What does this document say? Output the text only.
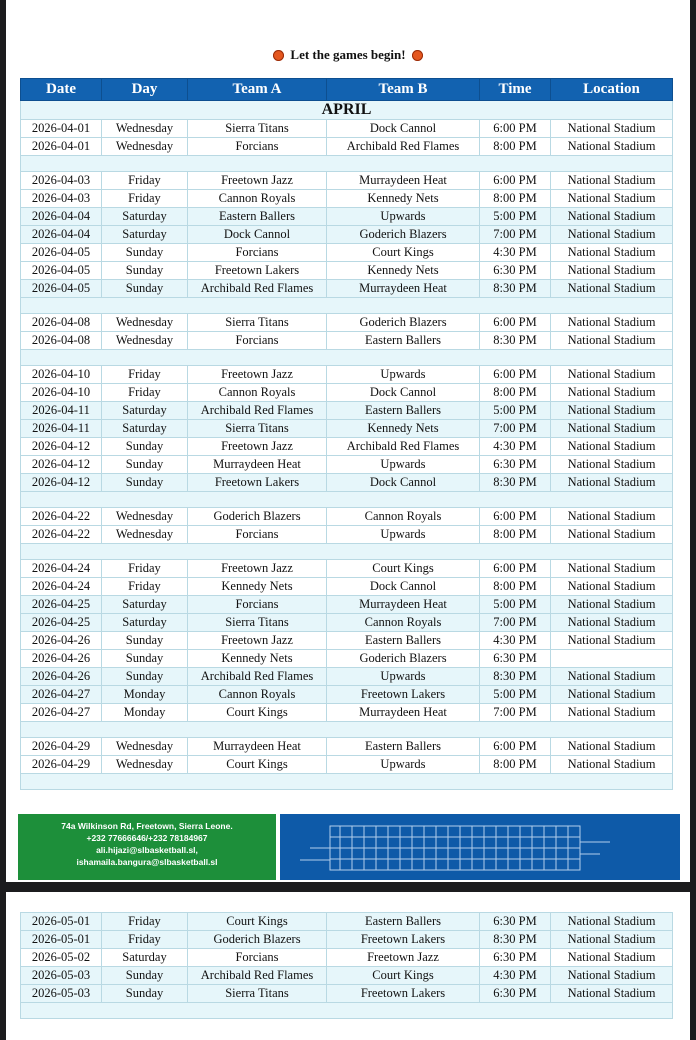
Let the games begin!
Date	Day	Team A	Team B	Time	Location
APRIL					
2026-04-01	Wednesday	Sierra Titans	Dock Cannol	6:00 PM	National Stadium
2026-04-01	Wednesday	Forcians	Archibald Red Flames	8:00 PM	National Stadium

2026-04-03	Friday	Freetown Jazz	Murraydeen Heat	6:00 PM	National Stadium
2026-04-03	Friday	Cannon Royals	Kennedy Nets	8:00 PM	National Stadium
2026-04-04	Saturday	Eastern Ballers	Upwards	5:00 PM	National Stadium
2026-04-04	Saturday	Dock Cannol	Goderich Blazers	7:00 PM	National Stadium
2026-04-05	Sunday	Forcians	Court Kings	4:30 PM	National Stadium
2026-04-05	Sunday	Freetown Lakers	Kennedy Nets	6:30 PM	National Stadium
2026-04-05	Sunday	Archibald Red Flames	Murraydeen Heat	8:30 PM	National Stadium

2026-04-08	Wednesday	Sierra Titans	Goderich Blazers	6:00 PM	National Stadium
2026-04-08	Wednesday	Forcians	Eastern Ballers	8:30 PM	National Stadium

2026-04-10	Friday	Freetown Jazz	Upwards	6:00 PM	National Stadium
2026-04-10	Friday	Cannon Royals	Dock Cannol	8:00 PM	National Stadium
2026-04-11	Saturday	Archibald Red Flames	Eastern Ballers	5:00 PM	National Stadium
2026-04-11	Saturday	Sierra Titans	Kennedy Nets	7:00 PM	National Stadium
2026-04-12	Sunday	Freetown Jazz	Archibald Red Flames	4:30 PM	National Stadium
2026-04-12	Sunday	Murraydeen Heat	Upwards	6:30 PM	National Stadium
2026-04-12	Sunday	Freetown Lakers	Dock Cannol	8:30 PM	National Stadium

2026-04-22	Wednesday	Goderich Blazers	Cannon Royals	6:00 PM	National Stadium
2026-04-22	Wednesday	Forcians	Upwards	8:00 PM	National Stadium

2026-04-24	Friday	Freetown Jazz	Court Kings	6:00 PM	National Stadium
2026-04-24	Friday	Kennedy Nets	Dock Cannol	8:00 PM	National Stadium
2026-04-25	Saturday	Forcians	Murraydeen Heat	5:00 PM	National Stadium
2026-04-25	Saturday	Sierra Titans	Cannon Royals	7:00 PM	National Stadium
2026-04-26	Sunday	Freetown Jazz	Eastern Ballers	4:30 PM	National Stadium
2026-04-26	Sunday	Kennedy Nets	Goderich Blazers	6:30 PM	
2026-04-26	Sunday	Archibald Red Flames	Upwards	8:30 PM	National Stadium
2026-04-27	Monday	Cannon Royals	Freetown Lakers	5:00 PM	National Stadium
2026-04-27	Monday	Court Kings	Murraydeen Heat	7:00 PM	National Stadium

2026-04-29	Wednesday	Murraydeen Heat	Eastern Ballers	6:00 PM	National Stadium
2026-04-29	Wednesday	Court Kings	Upwards	8:00 PM	National Stadium

74a Wilkinson Rd, Freetown, Sierra Leone.
+232 77666646/+232 78184967
ali.hijazi@slbasketball.sl,
ishamaila.bangura@slbasketball.sl
2026-05-01	Friday	Court Kings	Eastern Ballers	6:30 PM	National Stadium
2026-05-01	Friday	Goderich Blazers	Freetown Lakers	8:30 PM	National Stadium
2026-05-02	Saturday	Forcians	Freetown Jazz	6:30 PM	National Stadium
2026-05-03	Sunday	Archibald Red Flames	Court Kings	4:30 PM	National Stadium
2026-05-03	Sunday	Sierra Titans	Freetown Lakers	6:30 PM	National Stadium
